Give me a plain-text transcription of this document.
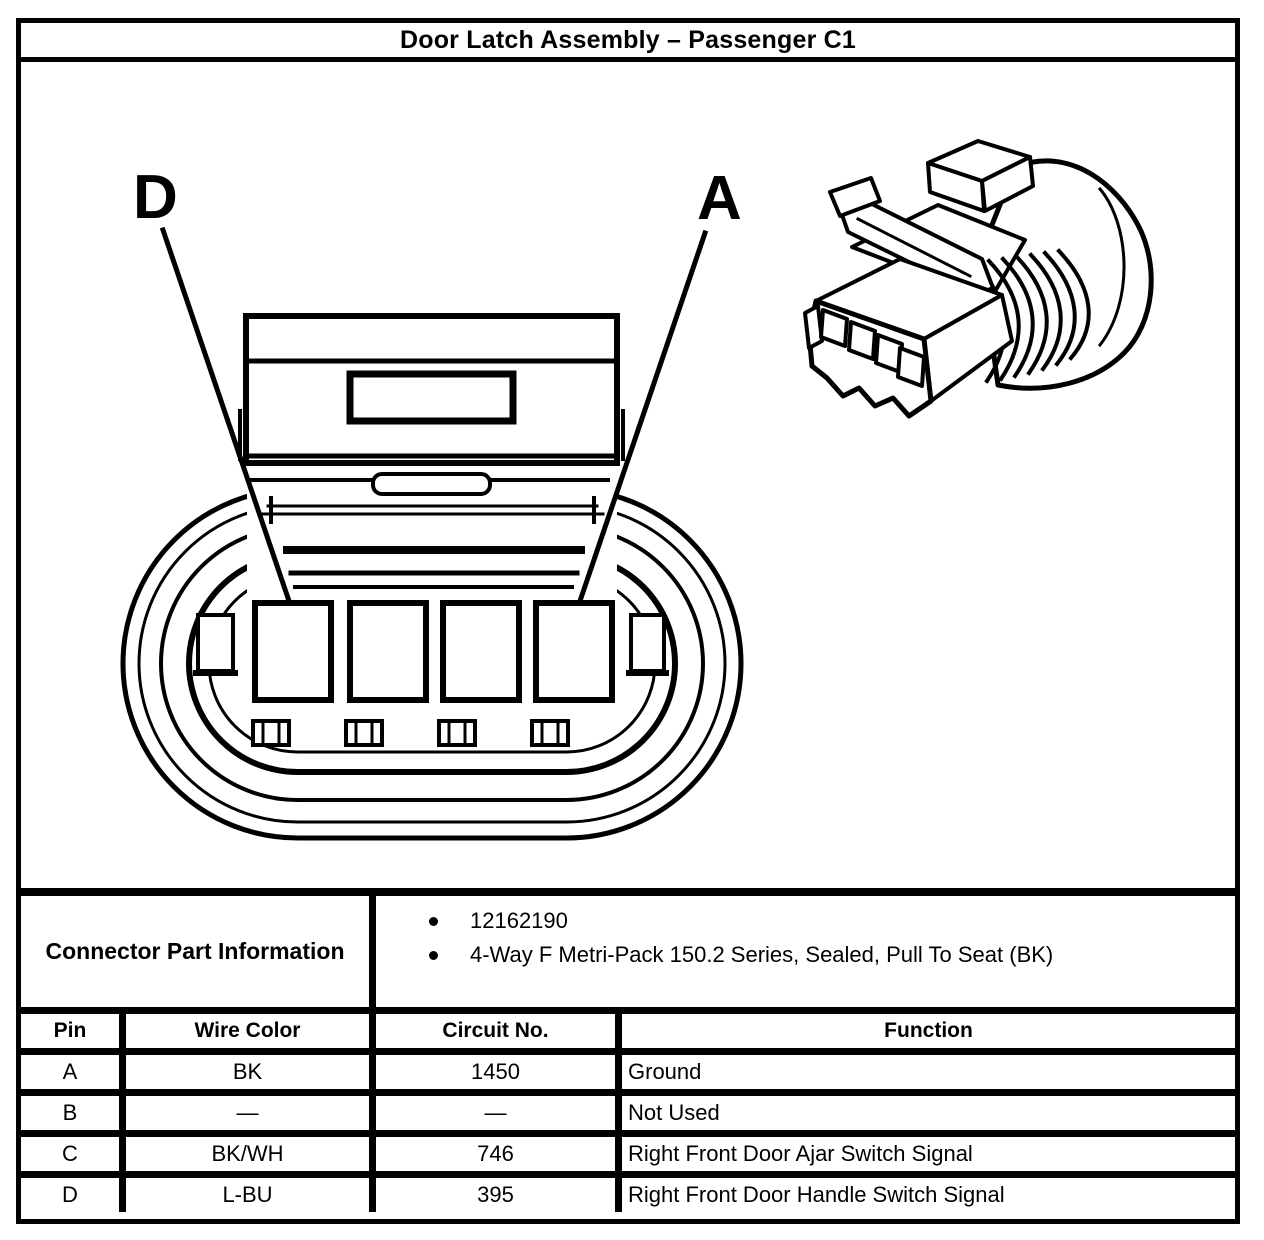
Door Latch Assembly – Passenger C1
D	A
Connector Part Information
12162190
4-Way F Metri-Pack 150.2 Series, Sealed, Pull To Seat (BK)
Pin	Wire Color	Circuit No.	Function
A	BK	1450	Ground
B	—	—	Not Used
C	BK/WH	746	Right Front Door Ajar Switch Signal
D	L-BU	395	Right Front Door Handle Switch Signal
